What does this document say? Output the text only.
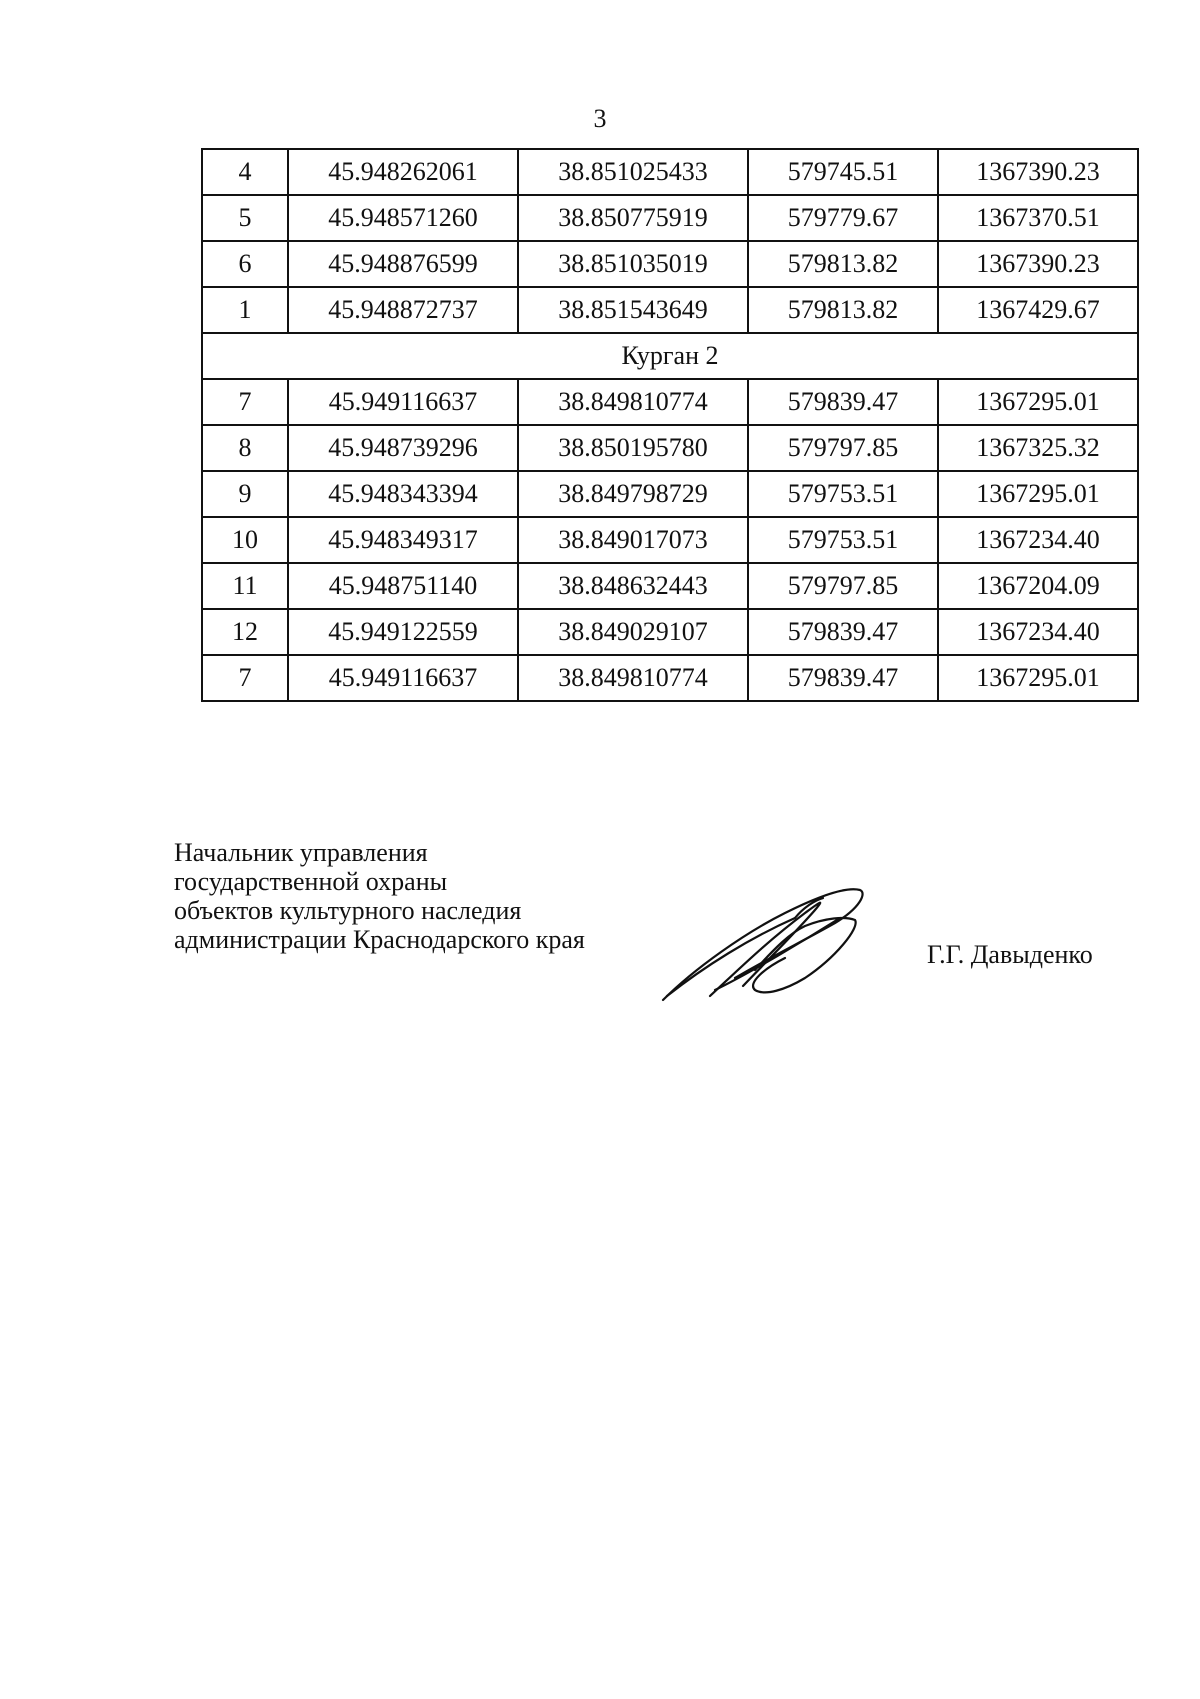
3
4	45.948262061	38.851025433	579745.51	1367390.23
5	45.948571260	38.850775919	579779.67	1367370.51
6	45.948876599	38.851035019	579813.82	1367390.23
1	45.948872737	38.851543649	579813.82	1367429.67
Курган 2				
7	45.949116637	38.849810774	579839.47	1367295.01
8	45.948739296	38.850195780	579797.85	1367325.32
9	45.948343394	38.849798729	579753.51	1367295.01
10	45.948349317	38.849017073	579753.51	1367234.40
11	45.948751140	38.848632443	579797.85	1367204.09
12	45.949122559	38.849029107	579839.47	1367234.40
7	45.949116637	38.849810774	579839.47	1367295.01
Начальник управления
государственной охраны
объектов культурного наследия
администрации Краснодарского края
Г.Г. Давыденко
